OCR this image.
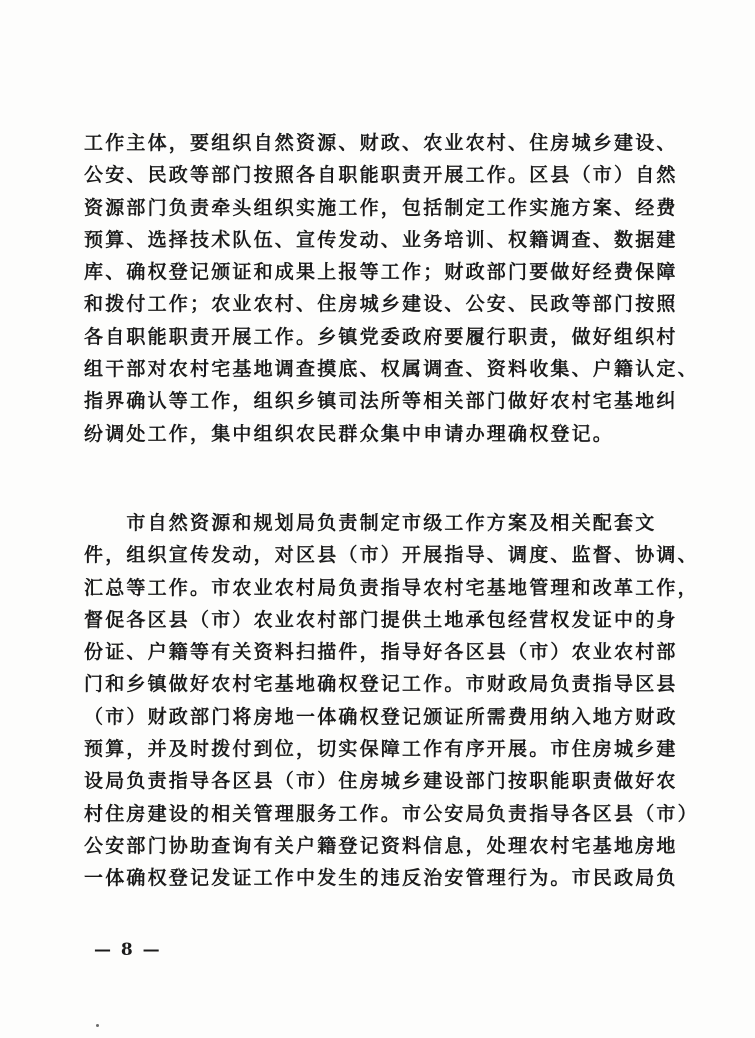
工作主体，要组织自然资源、财政、农业农村、住房城乡建设、
公安、民政等部门按照各自职能职责开展工作。区县（市）自然
资源部门负责牵头组织实施工作，包括制定工作实施方案、经费
预算、选择技术队伍、宣传发动、业务培训、权籍调查、数据建
库、确权登记颁证和成果上报等工作；财政部门要做好经费保障
和拨付工作；农业农村、住房城乡建设、公安、民政等部门按照
各自职能职责开展工作。乡镇党委政府要履行职责，做好组织村
组干部对农村宅基地调查摸底、权属调查、资料收集、户籍认定、
指界确认等工作，组织乡镇司法所等相关部门做好农村宅基地纠
纷调处工作，集中组织农民群众集中申请办理确权登记。
　　市自然资源和规划局负责制定市级工作方案及相关配套文
件，组织宣传发动，对区县（市）开展指导、调度、监督、协调、
汇总等工作。市农业农村局负责指导农村宅基地管理和改革工作，
督促各区县（市）农业农村部门提供土地承包经营权发证中的身
份证、户籍等有关资料扫描件，指导好各区县（市）农业农村部
门和乡镇做好农村宅基地确权登记工作。市财政局负责指导区县
（市）财政部门将房地一体确权登记颁证所需费用纳入地方财政
预算，并及时拨付到位，切实保障工作有序开展。市住房城乡建
设局负责指导各区县（市）住房城乡建设部门按职能职责做好农
村住房建设的相关管理服务工作。市公安局负责指导各区县（市）
公安部门协助查询有关户籍登记资料信息，处理农村宅基地房地
一体确权登记发证工作中发生的违反治安管理行为。市民政局负
— 8 —
